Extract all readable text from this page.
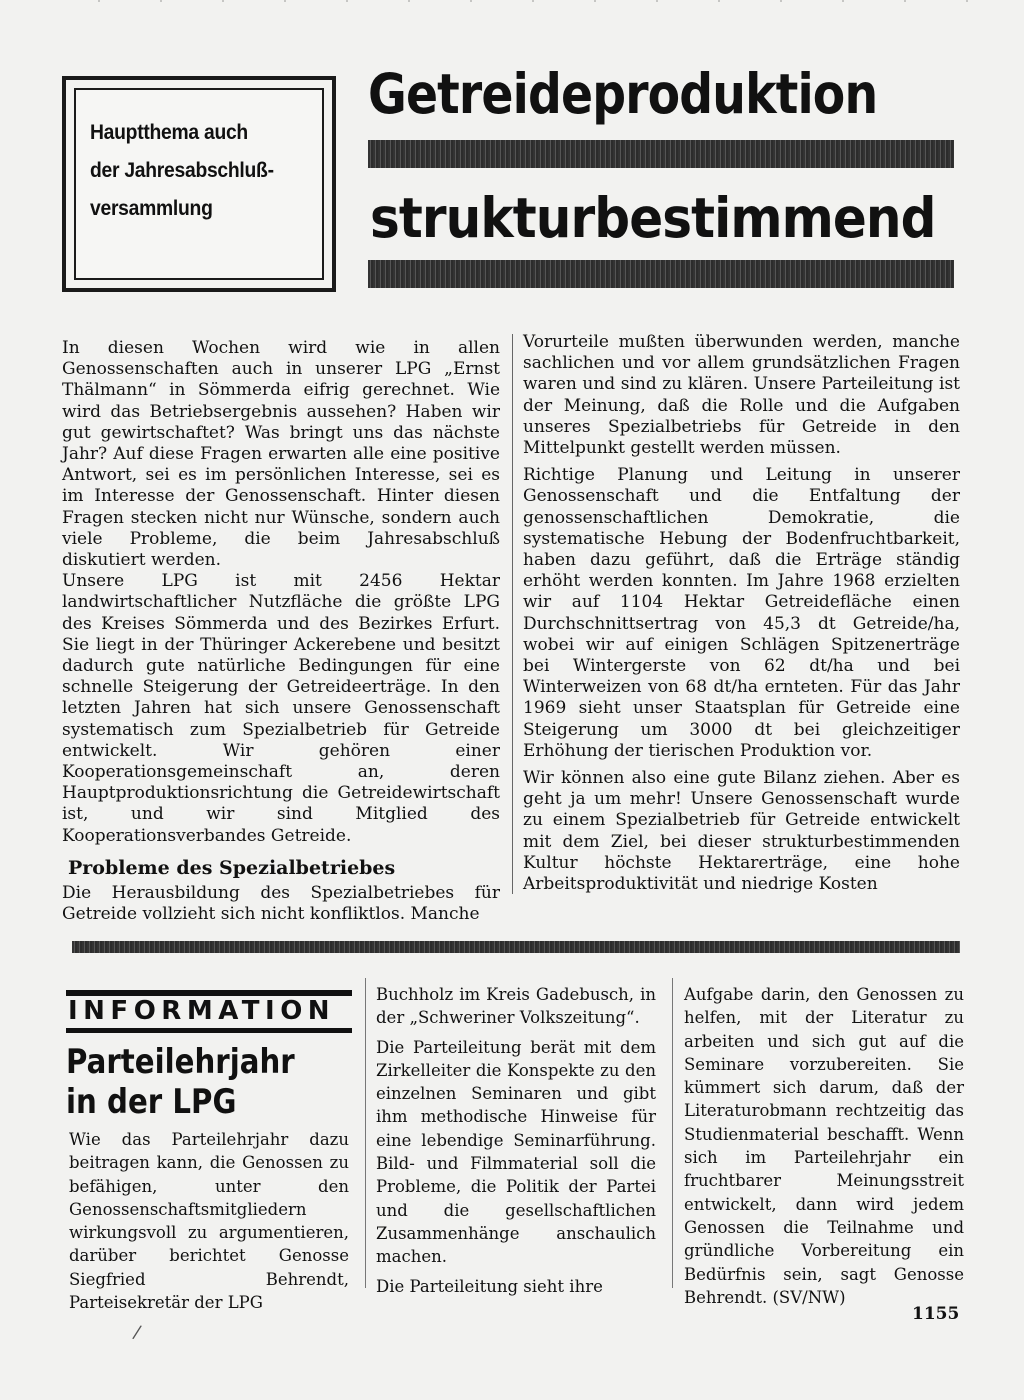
Hauptthema auch
der Jahresabschluß-
versammlung
Getreideproduktion
strukturbestimmend

In diesen Wochen wird wie in allen Genossenschaften auch in unserer LPG „Ernst Thälmann“ in Sömmerda eifrig gerechnet. Wie wird das Betriebsergebnis aussehen? Haben wir gut gewirtschaftet? Was bringt uns das nächste Jahr? Auf diese Fragen erwarten alle eine positive Antwort, sei es im persönlichen Interesse, sei es im Interesse der Genossenschaft. Hinter diesen Fragen stecken nicht nur Wünsche, sondern auch viele Probleme, die beim Jahresabschluß diskutiert werden.

Unsere LPG ist mit 2456 Hektar landwirtschaftlicher Nutzfläche die größte LPG des Kreises Sömmerda und des Bezirkes Erfurt. Sie liegt in der Thüringer Ackerebene und besitzt dadurch gute natürliche Bedingungen für eine schnelle Steigerung der Getreideerträge. In den letzten Jahren hat sich unsere Genossenschaft systematisch zum Spezialbetrieb für Getreide entwickelt. Wir gehören einer Kooperationsgemeinschaft an, deren Hauptproduktionsrichtung die Getreidewirtschaft ist, und wir sind Mitglied des Kooperationsverbandes Getreide.

Probleme des Spezialbetriebes

Die Herausbildung des Spezialbetriebes für Getreide vollzieht sich nicht konfliktlos. Manche

Vorurteile mußten überwunden werden, manche sachlichen und vor allem grundsätzlichen Fragen waren und sind zu klären. Unsere Parteileitung ist der Meinung, daß die Rolle und die Aufgaben unseres Spezialbetriebs für Getreide in den Mittelpunkt gestellt werden müssen.

Richtige Planung und Leitung in unserer Genossenschaft und die Entfaltung der genossenschaftlichen Demokratie, die systematische Hebung der Bodenfruchtbarkeit, haben dazu geführt, daß die Erträge ständig erhöht werden konnten. Im Jahre 1968 erzielten wir auf 1104 Hektar Getreidefläche einen Durchschnittsertrag von 45,3 dt Getreide/ha, wobei wir auf einigen Schlägen Spitzenerträge bei Wintergerste von 62 dt/ha und bei Winterweizen von 68 dt/ha ernteten. Für das Jahr 1969 sieht unser Staatsplan für Getreide eine Steigerung um 3000 dt bei gleichzeitiger Erhöhung der tierischen Produktion vor.

Wir können also eine gute Bilanz ziehen. Aber es geht ja um mehr! Unsere Genossenschaft wurde zu einem Spezialbetrieb für Getreide entwickelt mit dem Ziel, bei dieser strukturbestimmenden Kultur höchste Hektarerträge, eine hohe Arbeitsproduktivität und niedrige Kosten

INFORMATION
Parteilehrjahr
in der LPG

Wie das Parteilehrjahr dazu beitragen kann, die Genossen zu befähigen, unter den Genossenschaftsmitgliedern wirkungsvoll zu argumentieren, darüber berichtet Genosse Siegfried Behrendt, Parteisekretär der LPG

Buchholz im Kreis Gadebusch, in der „Schweriner Volkszeitung“.

Die Parteileitung berät mit dem Zirkelleiter die Konspekte zu den einzelnen Seminaren und gibt ihm methodische Hinweise für eine lebendige Seminarführung. Bild- und Filmmaterial soll die Probleme, die Politik der Partei und die gesellschaftlichen Zusammenhänge anschaulich machen.

Die Parteileitung sieht ihre

Aufgabe darin, den Genossen zu helfen, mit der Literatur zu arbeiten und sich gut auf die Seminare vorzubereiten. Sie kümmert sich darum, daß der Literaturobmann rechtzeitig das Studienmaterial beschafft. Wenn sich im Parteilehrjahr ein fruchtbarer Meinungsstreit entwickelt, dann wird jedem Genossen die Teilnahme und gründliche Vorbereitung ein Bedürfnis sein, sagt Genosse Behrendt. (SV/NW)

1155
/
